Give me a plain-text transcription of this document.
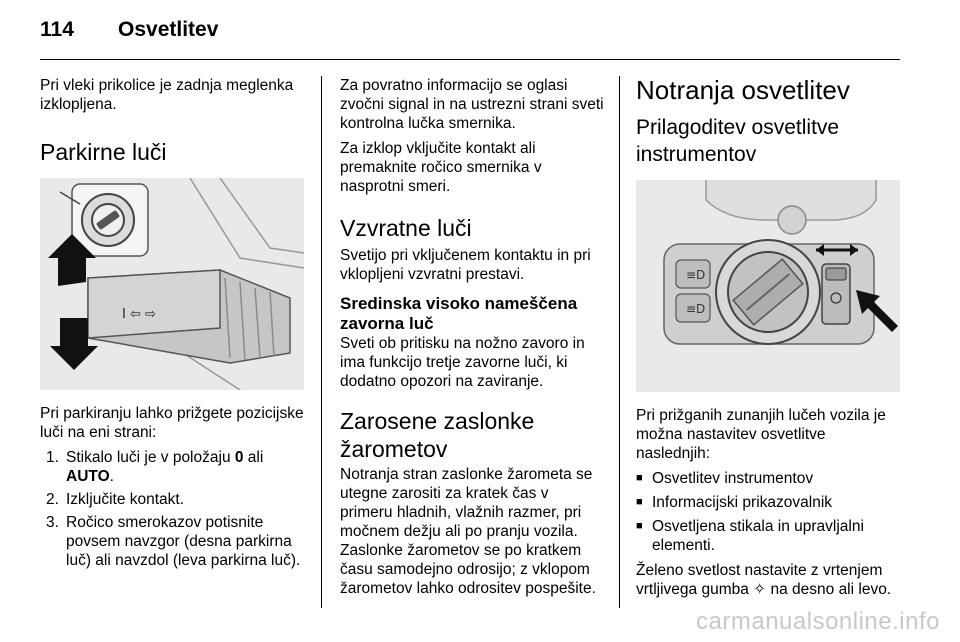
114 Osvetlitev

Pri vleki prikolice je zadnja meglenka izklopljena.

Parkirne luči
I ⇦ ⇨

Pri parkiranju lahko prižgete pozicijske luči na eni strani:

1. Stikalo luči je v položaju 0 ali AUTO.
2. Izključite kontakt.
3. Ročico smerokazov potisnite povsem navzgor (desna parkirna luč) ali navzdol (leva parkirna luč).

Za povratno informacijo se oglasi zvočni signal in na ustrezni strani sveti kontrolna lučka smernika.

Za izklop vključite kontakt ali premaknite ročico smernika v nasprotni smeri.

Vzvratne luči

Svetijo pri vključenem kontaktu in pri vklopljeni vzvratni prestavi.

Sredinska visoko nameščena zavorna luč

Sveti ob pritisku na nožno zavoro in ima funkcijo tretje zavorne luči, ki dodatno opozori na zaviranje.

Zarosene zaslonke žarometov

Notranja stran zaslonke žarometa se utegne zarositi za kratek čas v primeru hladnih, vlažnih razmer, pri močnem dežju ali po pranju vozila. Zaslonke žarometov se po kratkem času samodejno odrosijo; z vklopom žarometov lahko odrositev pospešite.

Notranja osvetlitev
Prilagoditev osvetlitve instrumentov
≡D
≡D

Pri prižganih zunanjih lučeh vozila je možna nastavitev osvetlitve naslednjih:

■ Osvetlitev instrumentov
■ Informacijski prikazovalnik
■ Osvetljena stikala in upravljalni elementi.

Želeno svetlost nastavite z vrtenjem vrtljivega gumba ✧ na desno ali levo.

carmanualsonline.info
